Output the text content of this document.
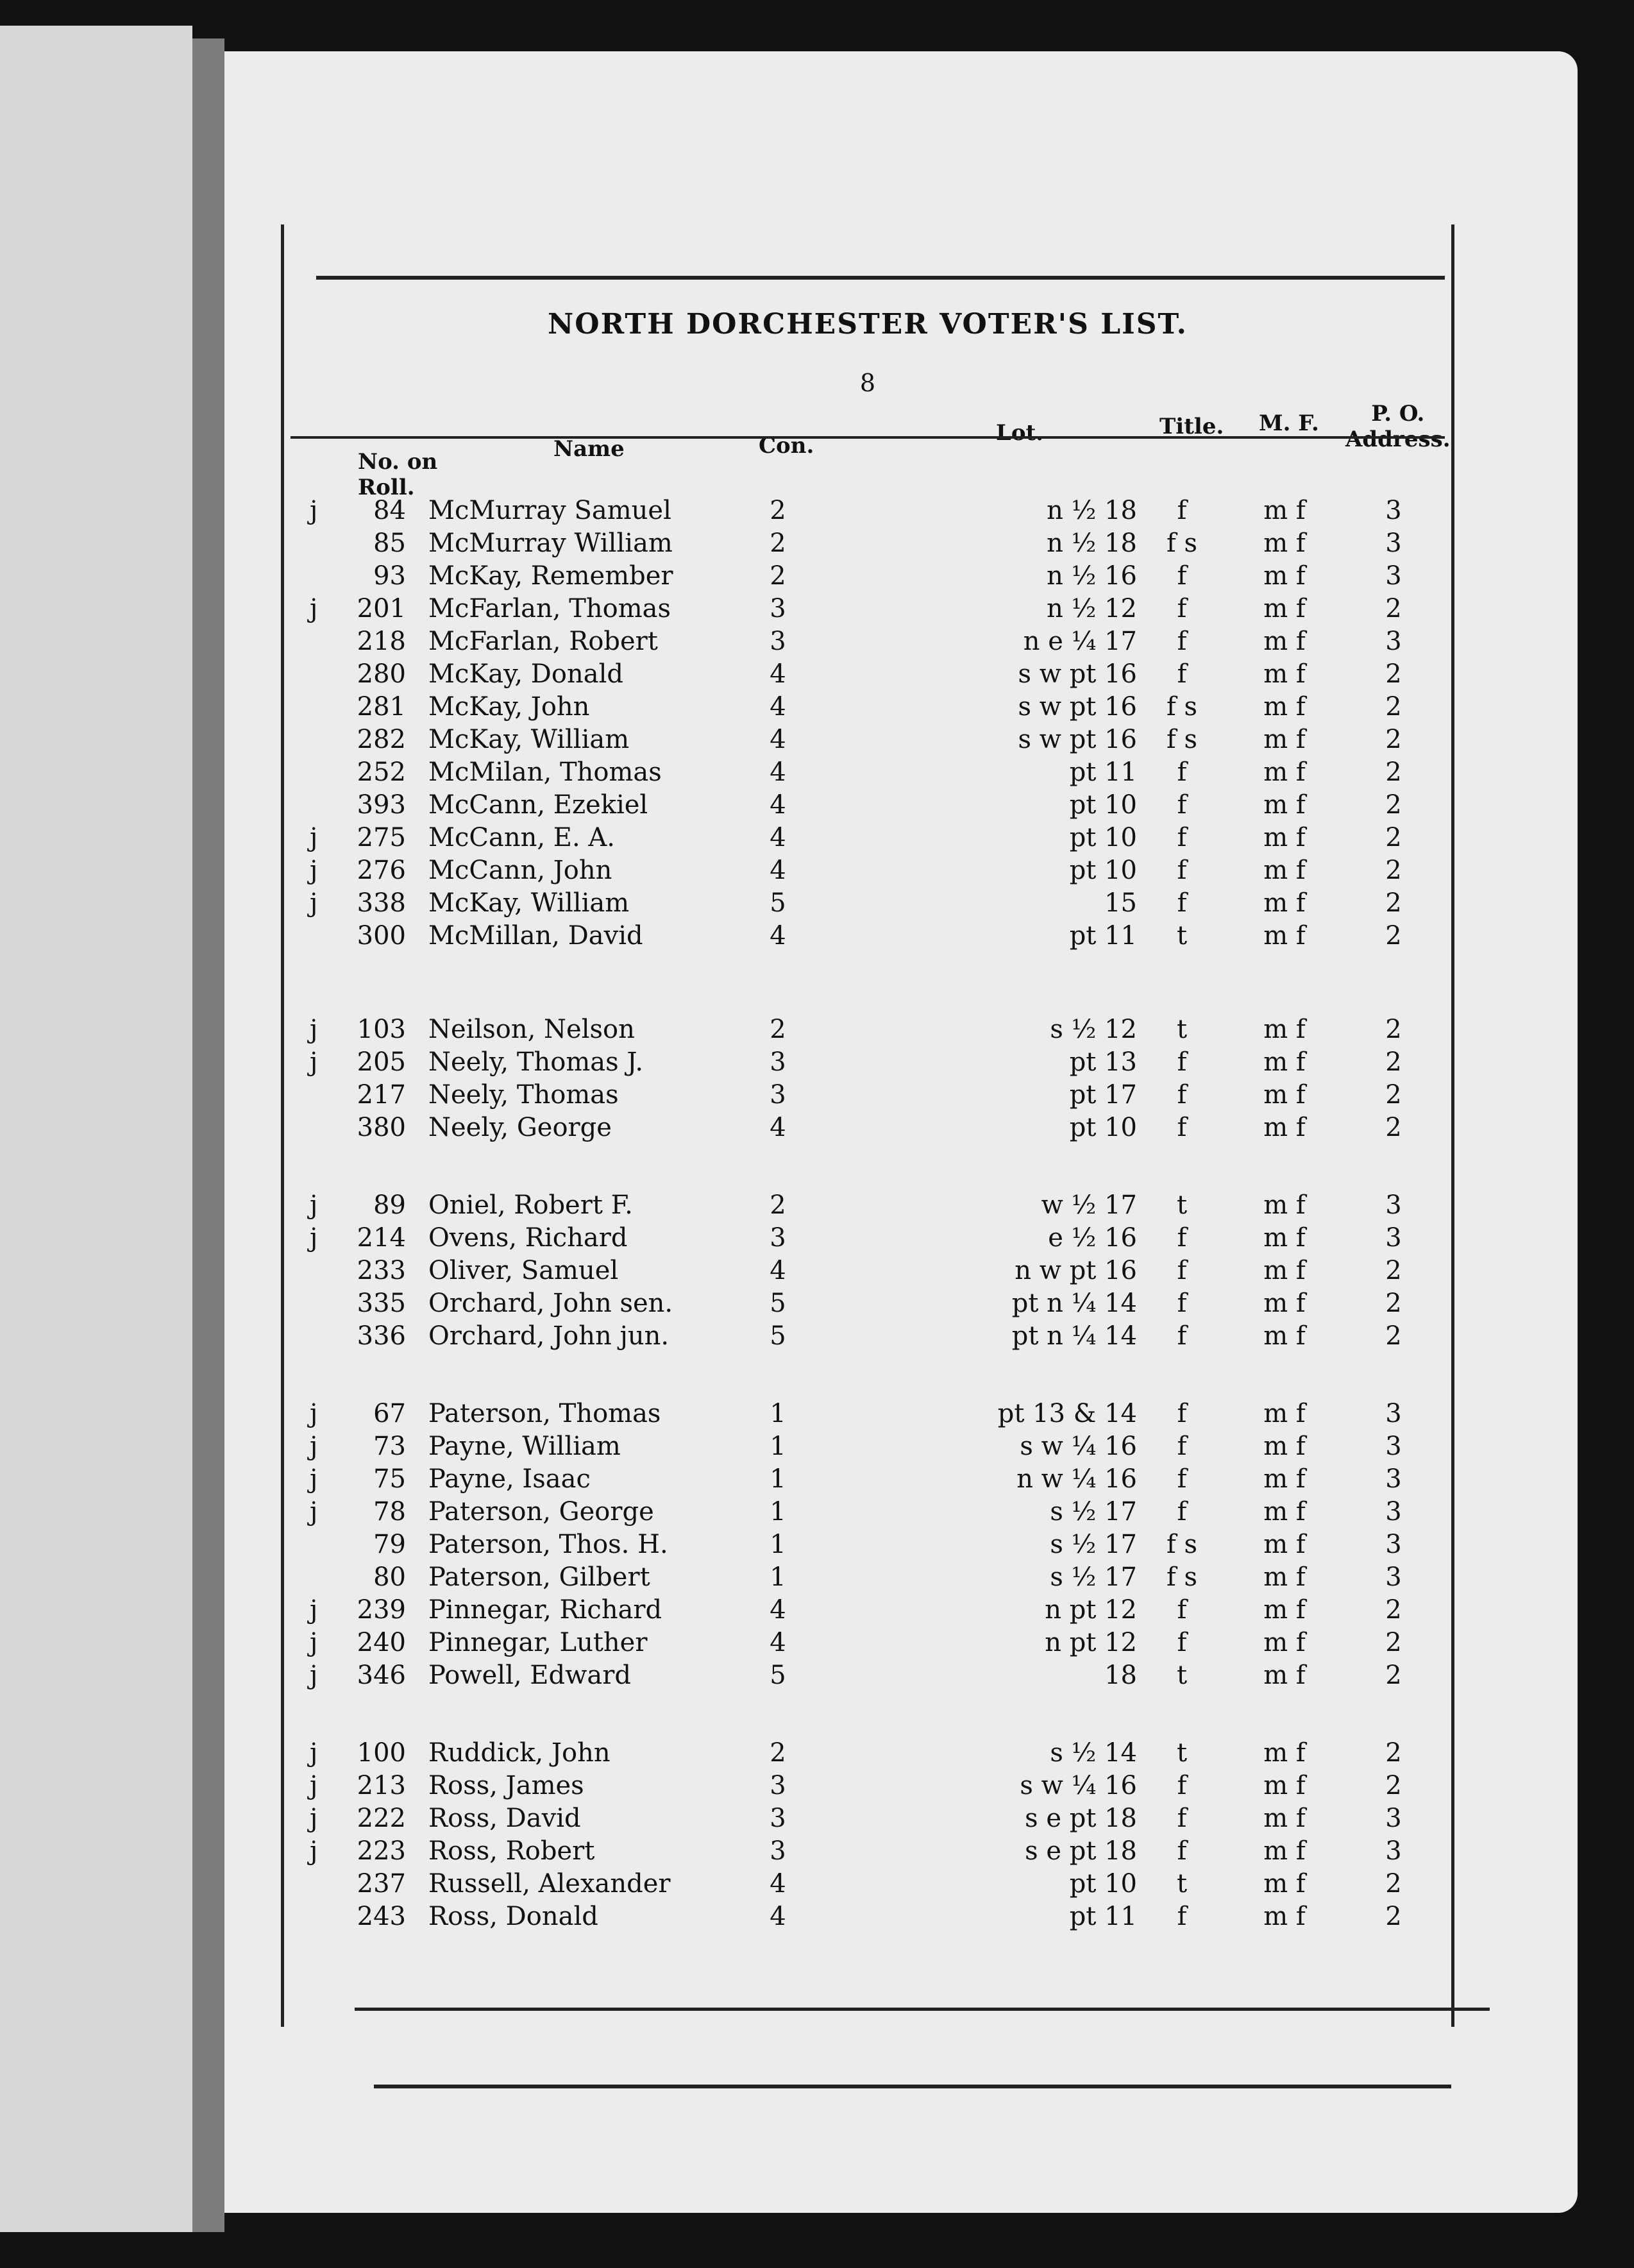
NORTH DORCHESTER VOTER'S LIST.
8
No. on
Roll.
Name	Con.	Lot.	Title. M. F.	P. O.
Address.
j	84 McMurray Samuel	2	n ½ 18	f	m f	3
85 McMurray William	2	n ½ 18	f s	m f	3
93 McKay, Remember	2	n ½ 16	f	m f	3
j	201 McFarlan, Thomas	3	n ½ 12	f	m f	2
218 McFarlan, Robert	3	n e ¼ 17	f	m f	3
280 McKay, Donald	4	s w pt 16	f	m f	2
281 McKay, John	4	s w pt 16	f s	m f	2
282 McKay, William	4	s w pt 16	f s	m f	2
252 McMilan, Thomas	4	pt 11	f	m f	2
393 McCann, Ezekiel	4	pt 10	f	m f	2
j	275 McCann, E. A.	4	pt 10	f	m f	2
j	276 McCann, John	4	pt 10	f	m f	2
j	338 McKay, William	5	15	f	m f	2
300 McMillan, David	4	pt 11	t	m f	2
j	103 Neilson, Nelson	2	s ½ 12	t	m f	2
j	205 Neely, Thomas J.	3	pt 13	f	m f	2
217 Neely, Thomas	3	pt 17	f	m f	2
380 Neely, George	4	pt 10	f	m f	2
j	89 Oniel, Robert F.	2	w ½ 17	t	m f	3
j	214 Ovens, Richard	3	e ½ 16	f	m f	3
233 Oliver, Samuel	4	n w pt 16	f	m f	2
335 Orchard, John sen.	5	pt n ¼ 14	f	m f	2
336 Orchard, John jun.	5	pt n ¼ 14	f	m f	2
j	67 Paterson, Thomas	1	pt 13 & 14	f	m f	3
j	73 Payne, William	1	s w ¼ 16	f	m f	3
j	75 Payne, Isaac	1	n w ¼ 16	f	m f	3
j	78 Paterson, George	1	s ½ 17	f	m f	3
79 Paterson, Thos. H.	1	s ½ 17	f s	m f	3
80 Paterson, Gilbert	1	s ½ 17	f s	m f	3
j	239 Pinnegar, Richard	4	n pt 12	f	m f	2
j	240 Pinnegar, Luther	4	n pt 12	f	m f	2
j	346 Powell, Edward	5	18	t	m f	2
j	100 Ruddick, John	2	s ½ 14	t	m f	2
j	213 Ross, James	3	s w ¼ 16	f	m f	2
j	222 Ross, David	3	s e pt 18	f	m f	3
j	223 Ross, Robert	3	s e pt 18	f	m f	3
237 Russell, Alexander	4	pt 10	t	m f	2
243 Ross, Donald	4	pt 11	f	m f	2
